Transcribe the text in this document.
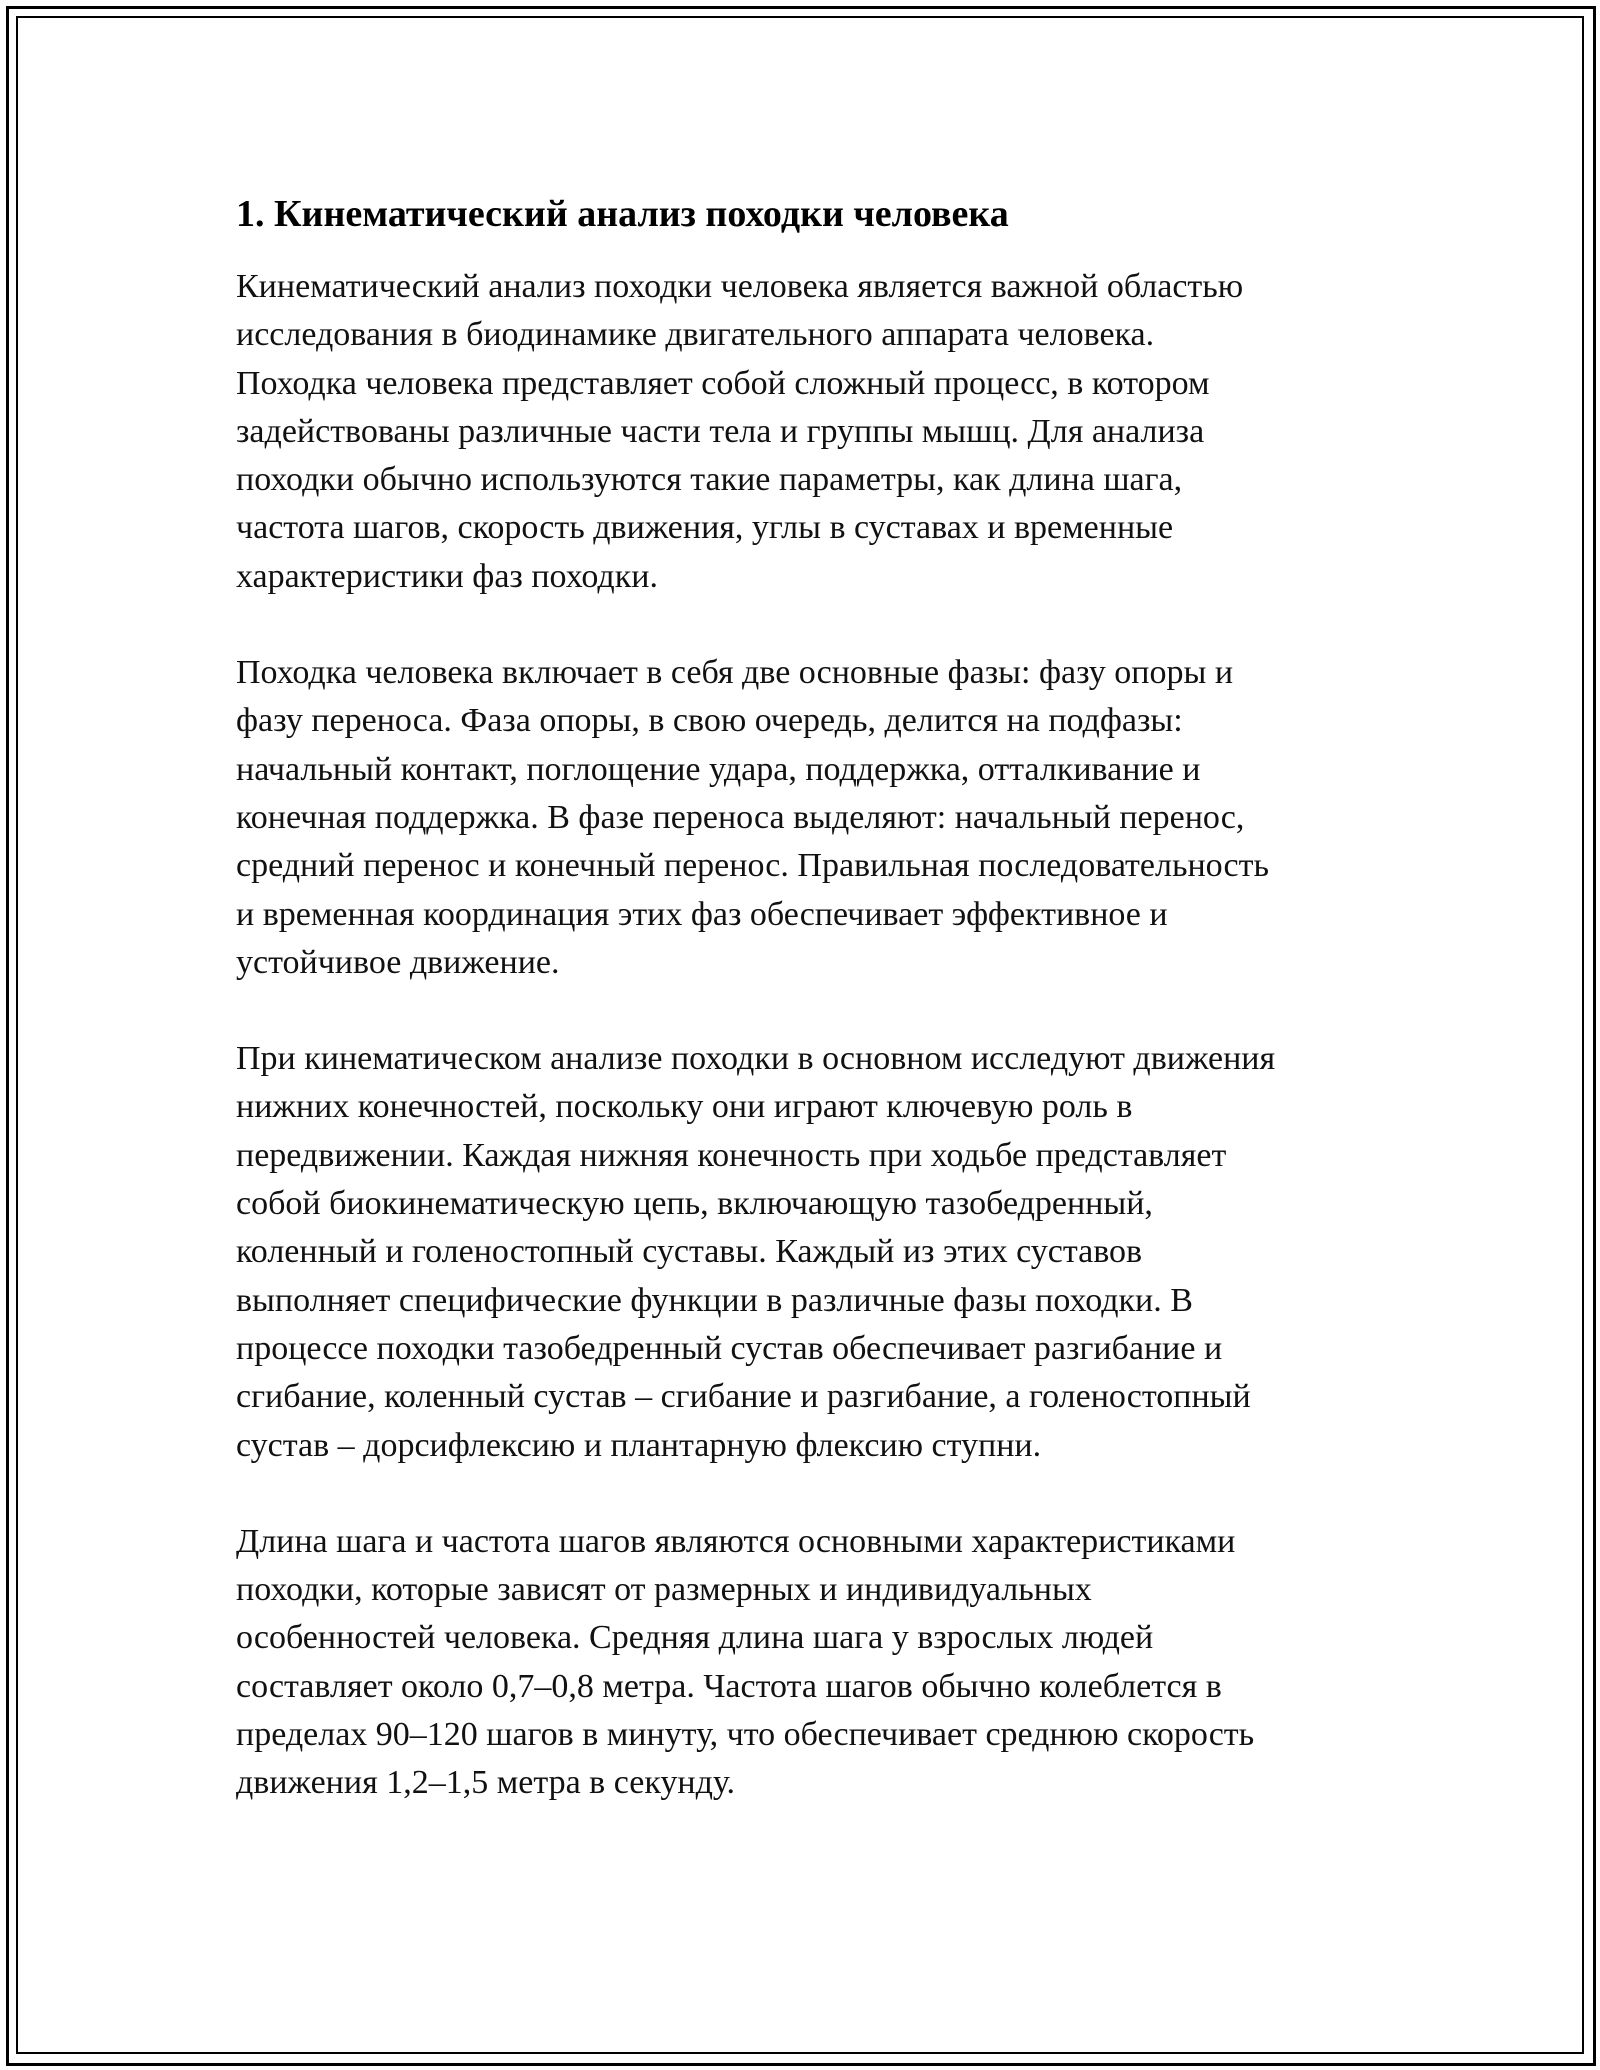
1. Кинематический анализ походки человека

Кинематический анализ походки человека является важной областью
исследования в биодинамике двигательного аппарата человека.
Походка человека представляет собой сложный процесс, в котором
задействованы различные части тела и группы мышц. Для анализа
походки обычно используются такие параметры, как длина шага,
частота шагов, скорость движения, углы в суставах и временные
характеристики фаз походки.

Походка человека включает в себя две основные фазы: фазу опоры и
фазу переноса. Фаза опоры, в свою очередь, делится на подфазы:
начальный контакт, поглощение удара, поддержка, отталкивание и
конечная поддержка. В фазе переноса выделяют: начальный перенос,
средний перенос и конечный перенос. Правильная последовательность
и временная координация этих фаз обеспечивает эффективное и
устойчивое движение.

При кинематическом анализе походки в основном исследуют движения
нижних конечностей, поскольку они играют ключевую роль в
передвижении. Каждая нижняя конечность при ходьбе представляет
собой биокинематическую цепь, включающую тазобедренный,
коленный и голеностопный суставы. Каждый из этих суставов
выполняет специфические функции в различные фазы походки. В
процессе походки тазобедренный сустав обеспечивает разгибание и
сгибание, коленный сустав – сгибание и разгибание, а голеностопный
сустав – дорсифлексию и плантарную флексию ступни.

Длина шага и частота шагов являются основными характеристиками
походки, которые зависят от размерных и индивидуальных
особенностей человека. Средняя длина шага у взрослых людей
составляет около 0,7–0,8 метра. Частота шагов обычно колеблется в
пределах 90–120 шагов в минуту, что обеспечивает среднюю скорость
движения 1,2–1,5 метра в секунду.
